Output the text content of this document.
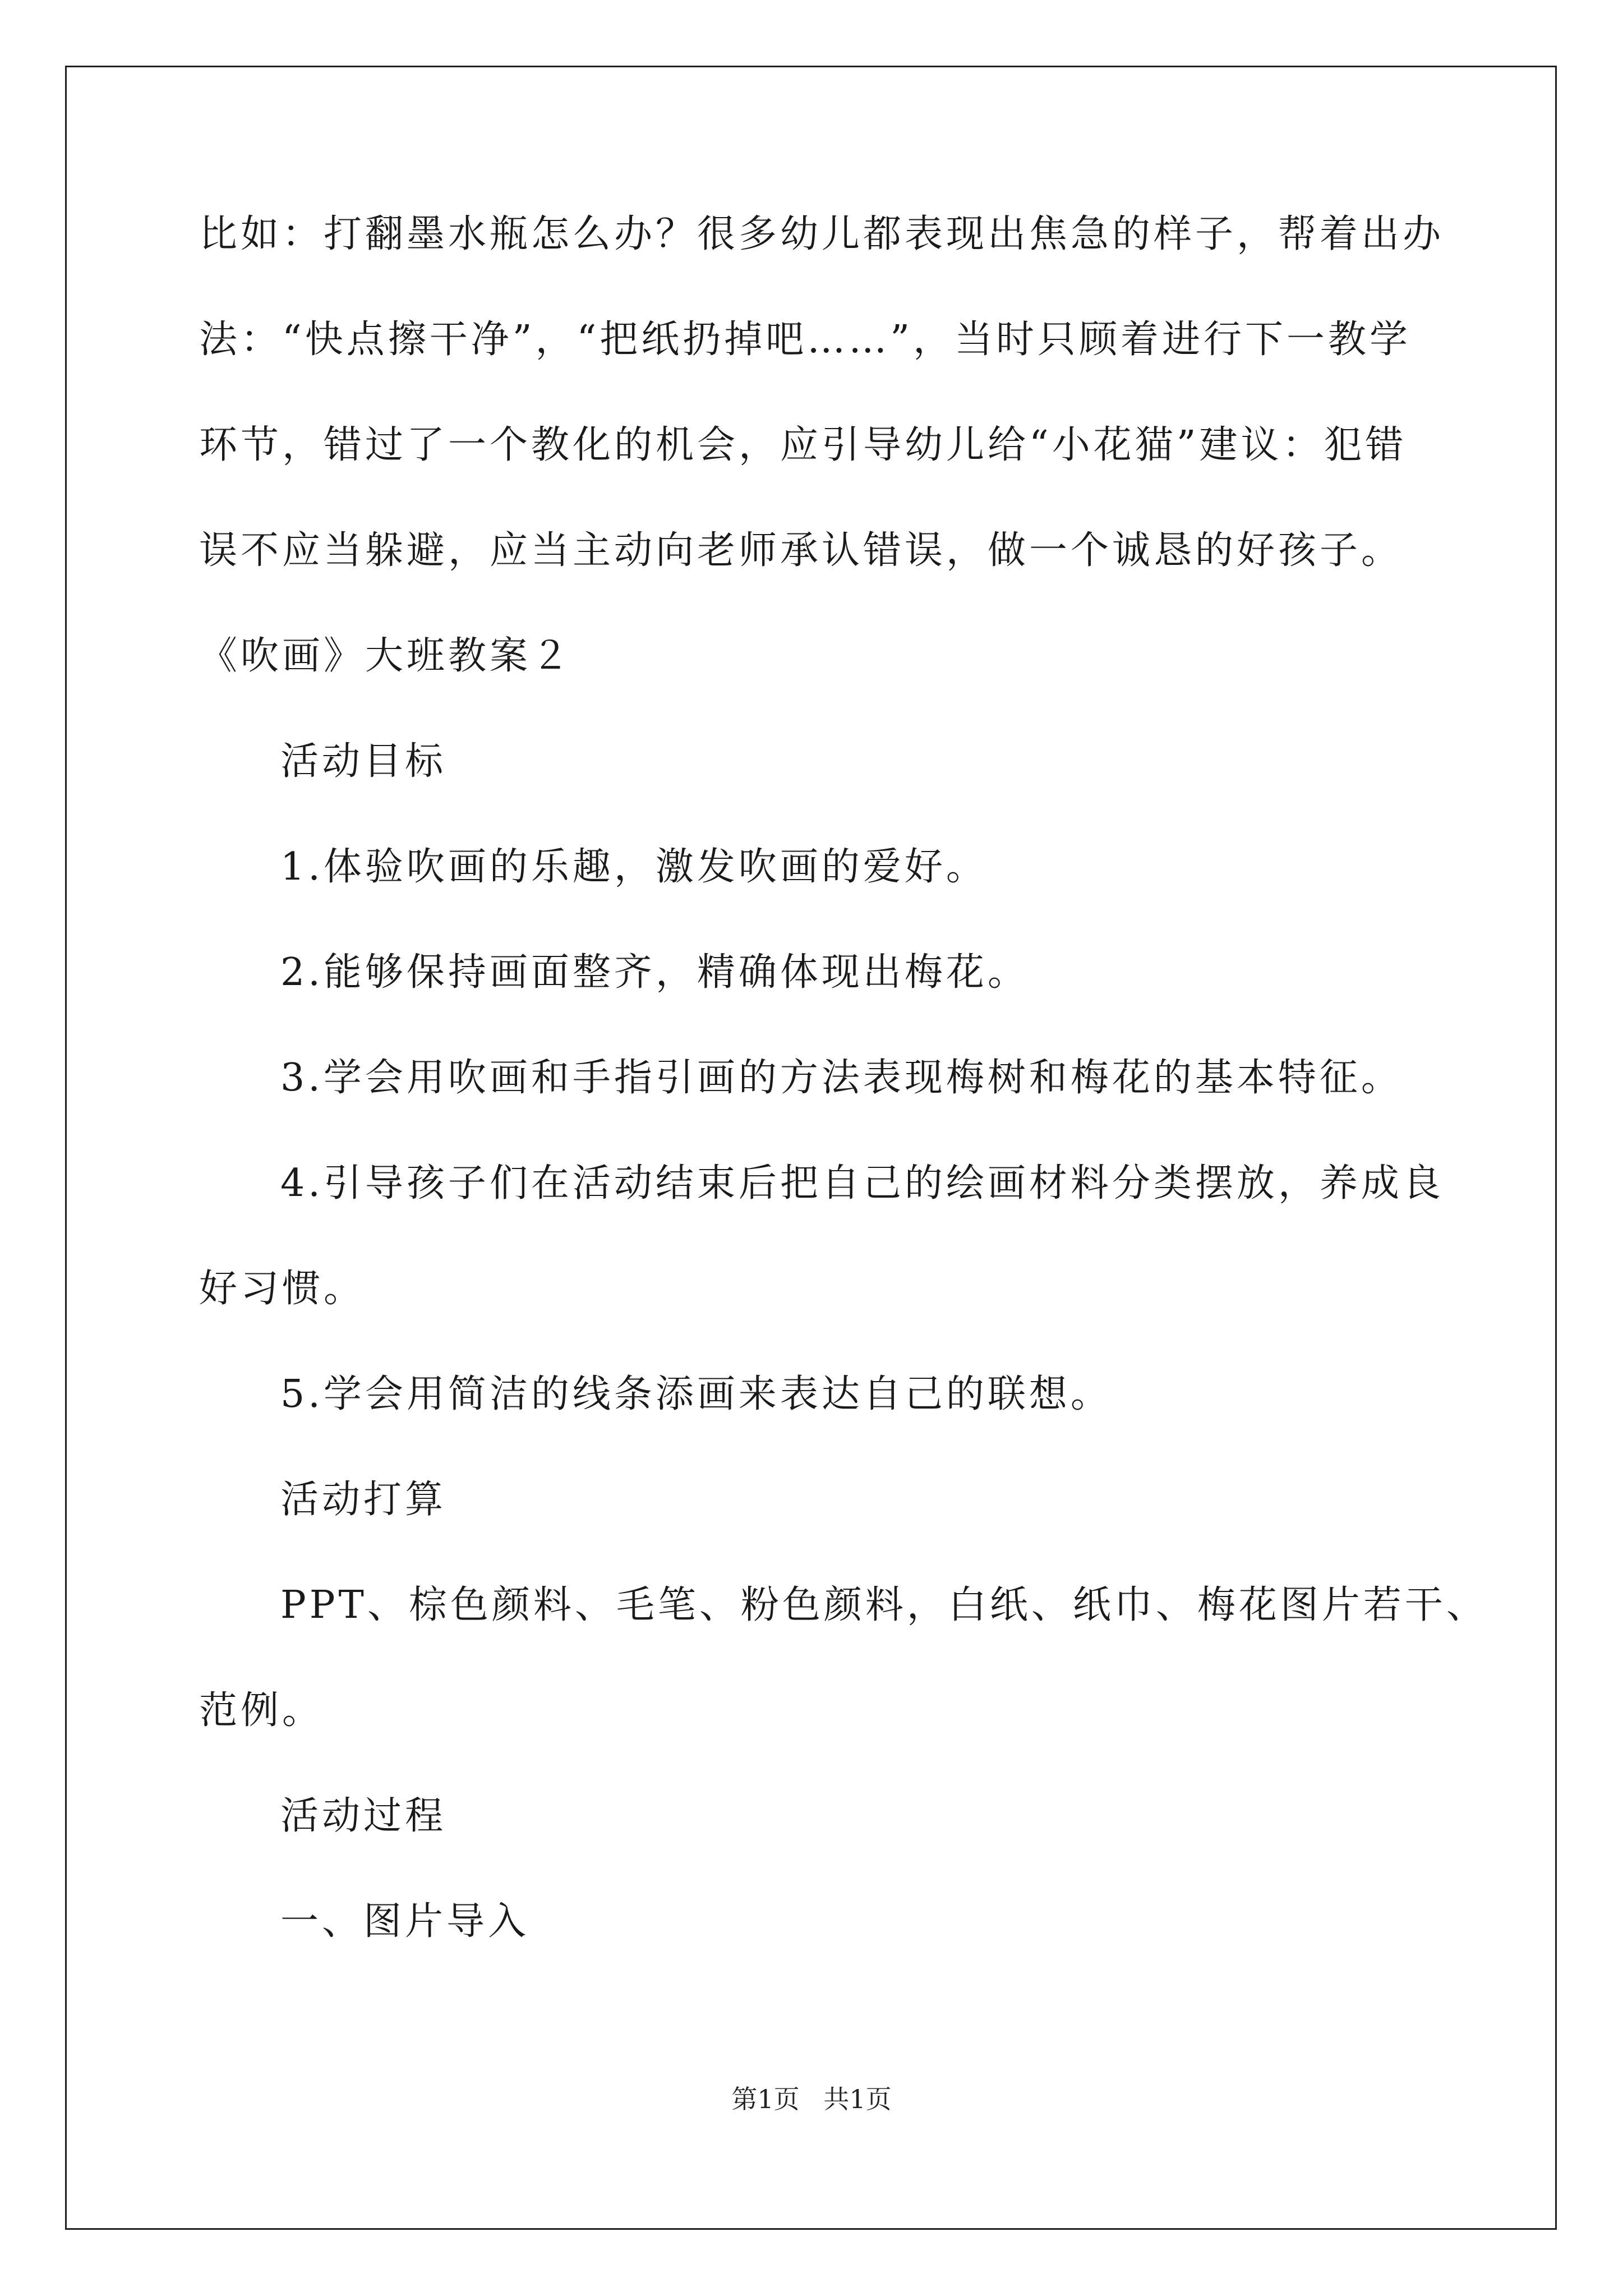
比如：打翻墨水瓶怎么办？很多幼儿都表现出焦急的样子，帮着出办
法：“快点擦干净”，“把纸扔掉吧……”，当时只顾着进行下一教学
环节，错过了一个教化的机会，应引导幼儿给“小花猫”建议：犯错
误不应当躲避，应当主动向老师承认错误，做一个诚恳的好孩子。
《吹画》大班教案２
活动目标
1.体验吹画的乐趣，激发吹画的爱好。
2.能够保持画面整齐，精确体现出梅花。
3.学会用吹画和手指引画的方法表现梅树和梅花的基本特征。
4.引导孩子们在活动结束后把自己的绘画材料分类摆放，养成良
好习惯。
5.学会用简洁的线条添画来表达自己的联想。
活动打算
PPT、棕色颜料、毛笔、粉色颜料，白纸、纸巾、梅花图片若干、
范例。
活动过程
一、图片导入
第1页 共1页
